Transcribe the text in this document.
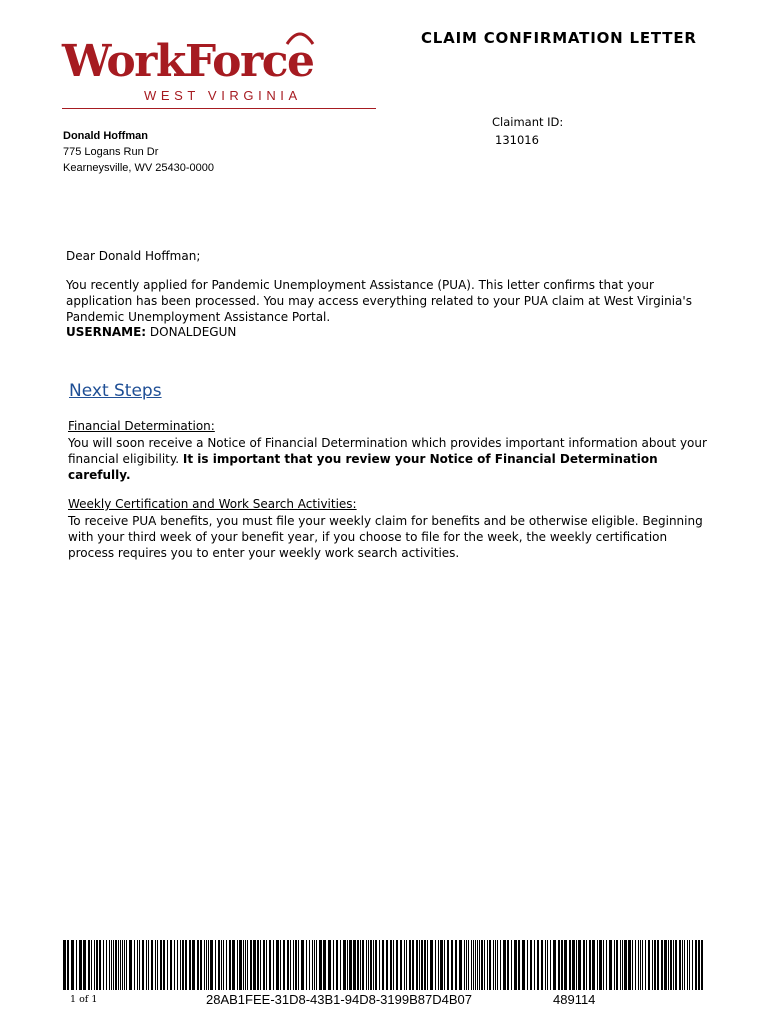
WorkForce
WEST VIRGINIA
CLAIM CONFIRMATION LETTER
Donald Hoffman
775 Logans Run Dr
Kearneysville, WV 25430-0000
Claimant ID:
131016
Dear Donald Hoffman;
You recently applied for Pandemic Unemployment Assistance (PUA). This letter confirms that your application has been processed. You may access everything related to your PUA claim at West Virginia's Pandemic Unemployment Assistance Portal.
USERNAME: DONALDEGUN
Next Steps
Financial Determination:
You will soon receive a Notice of Financial Determination which provides important information about your financial eligibility. It is important that you review your Notice of Financial Determination carefully.
Weekly Certification and Work Search Activities:
To receive PUA benefits, you must file your weekly claim for benefits and be otherwise eligible. Beginning with your third week of your benefit year, if you choose to file for the week, the weekly certification process requires you to enter your weekly work search activities.
1 of 1	28AB1FEE-31D8-43B1-94D8-3199B87D4B07	489114
